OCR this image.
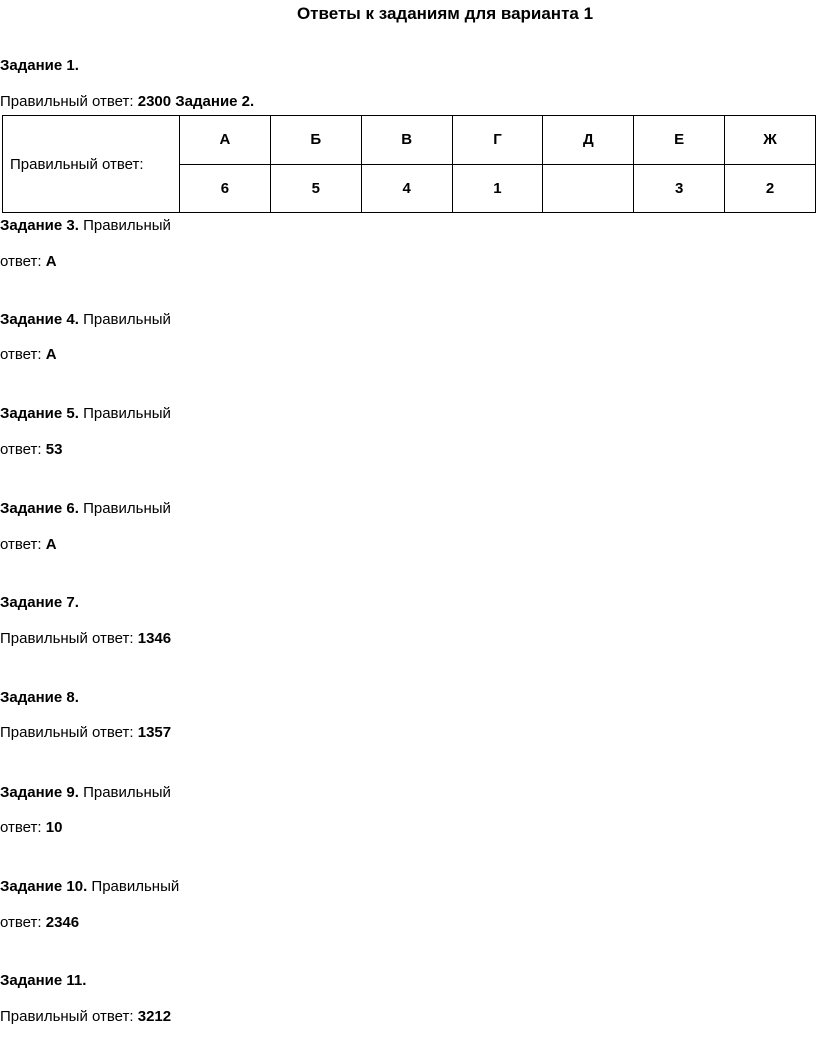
Ответы к заданиям для варианта 1
Задание 1.
Правильный ответ: 2300 Задание 2.
Правильный ответ:	А	Б	В	Г	Д	Е	Ж
	6	5	4	1		3	2
Задание 3. Правильный
ответ: А
Задание 4. Правильный
ответ: А
Задание 5. Правильный
ответ: 53
Задание 6. Правильный
ответ: А
Задание 7.
Правильный ответ: 1346
Задание 8.
Правильный ответ: 1357
Задание 9. Правильный
ответ: 10
Задание 10. Правильный
ответ: 2346
Задание 11.
Правильный ответ: 3212
